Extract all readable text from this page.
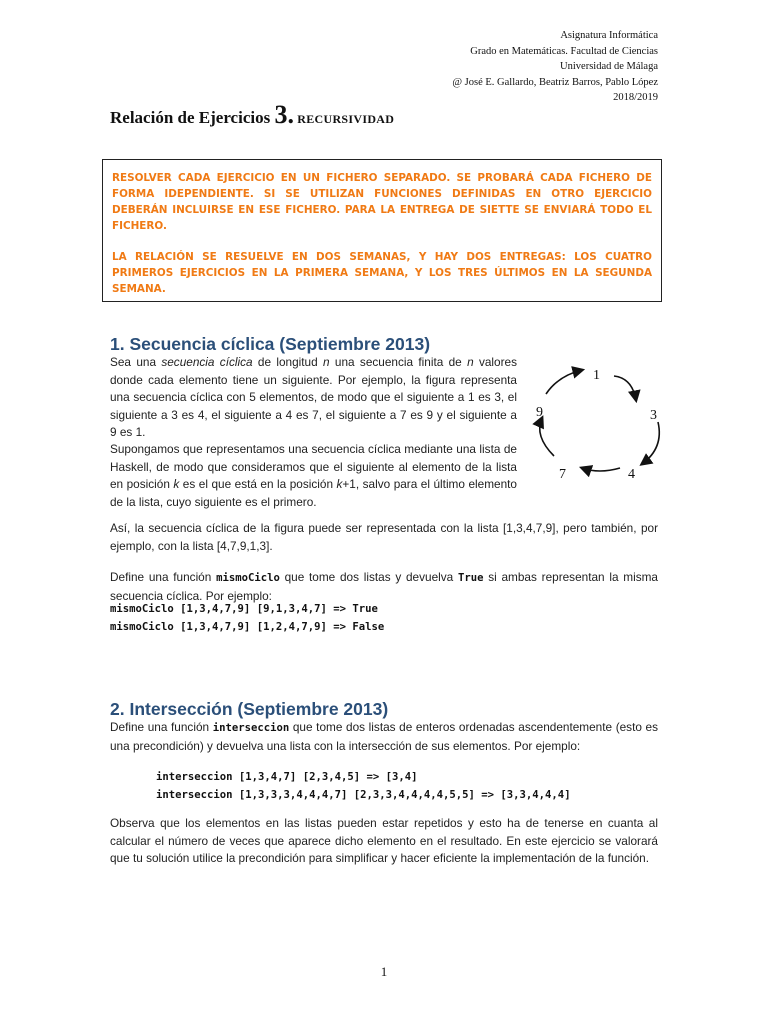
Asignatura Informática
Grado en Matemáticas. Facultad de Ciencias
Universidad de Málaga
@ José E. Gallardo, Beatriz Barros, Pablo López
2018/2019
Relación de Ejercicios 3. RECURSIVIDAD

RESOLVER CADA EJERCICIO EN UN FICHERO SEPARADO. SE PROBARÁ CADA FICHERO DE FORMA IDEPENDIENTE. SI SE UTILIZAN FUNCIONES DEFINIDAS EN OTRO EJERCICIO DEBERÁN INCLUIRSE EN ESE FICHERO. PARA LA ENTREGA DE SIETTE SE ENVIARÁ TODO EL FICHERO.

LA RELACIÓN SE RESUELVE EN DOS SEMANAS, Y HAY DOS ENTREGAS: LOS CUATRO PRIMEROS EJERCICIOS EN LA PRIMERA SEMANA, Y LOS TRES ÚLTIMOS EN LA SEGUNDA SEMANA.

1. Secuencia cíclica (Septiembre 2013)

Sea una secuencia cíclica de longitud n una secuencia finita de n valores donde cada elemento tiene un siguiente. Por ejemplo, la figura representa una secuencia cíclica con 5 elementos, de modo que el siguiente a 1 es 3, el siguiente a 3 es 4, el siguiente a 4 es 7, el siguiente a 7 es 9 y el siguiente a 9 es 1.

Supongamos que representamos una secuencia cíclica mediante una lista de Haskell, de modo que consideramos que el siguiente al elemento de la lista en posición k es el que está en la posición k+1, salvo para el último elemento de la lista, cuyo siguiente es el primero.

1
3
4
7
9

Así, la secuencia cíclica de la figura puede ser representada con la lista [1,3,4,7,9], pero también, por ejemplo, con la lista [4,7,9,1,3].

Define una función mismoCiclo que tome dos listas y devuelva True si ambas representan la misma secuencia cíclica. Por ejemplo:

mismoCiclo [1,3,4,7,9] [9,1,3,4,7] => True
mismoCiclo [1,3,4,7,9] [1,2,4,7,9] => False
2. Intersección (Septiembre 2013)

Define una función interseccion que tome dos listas de enteros ordenadas ascendentemente (esto es una precondición) y devuelva una lista con la intersección de sus elementos. Por ejemplo:

interseccion [1,3,4,7] [2,3,4,5] => [3,4]
interseccion [1,3,3,3,4,4,4,7] [2,3,3,4,4,4,4,5,5] => [3,3,4,4,4]

Observa que los elementos en las listas pueden estar repetidos y esto ha de tenerse en cuanta al calcular el número de veces que aparece dicho elemento en el resultado. En este ejercicio se valorará que tu solución utilice la precondición para simplificar y hacer eficiente la implementación de la función.

1
